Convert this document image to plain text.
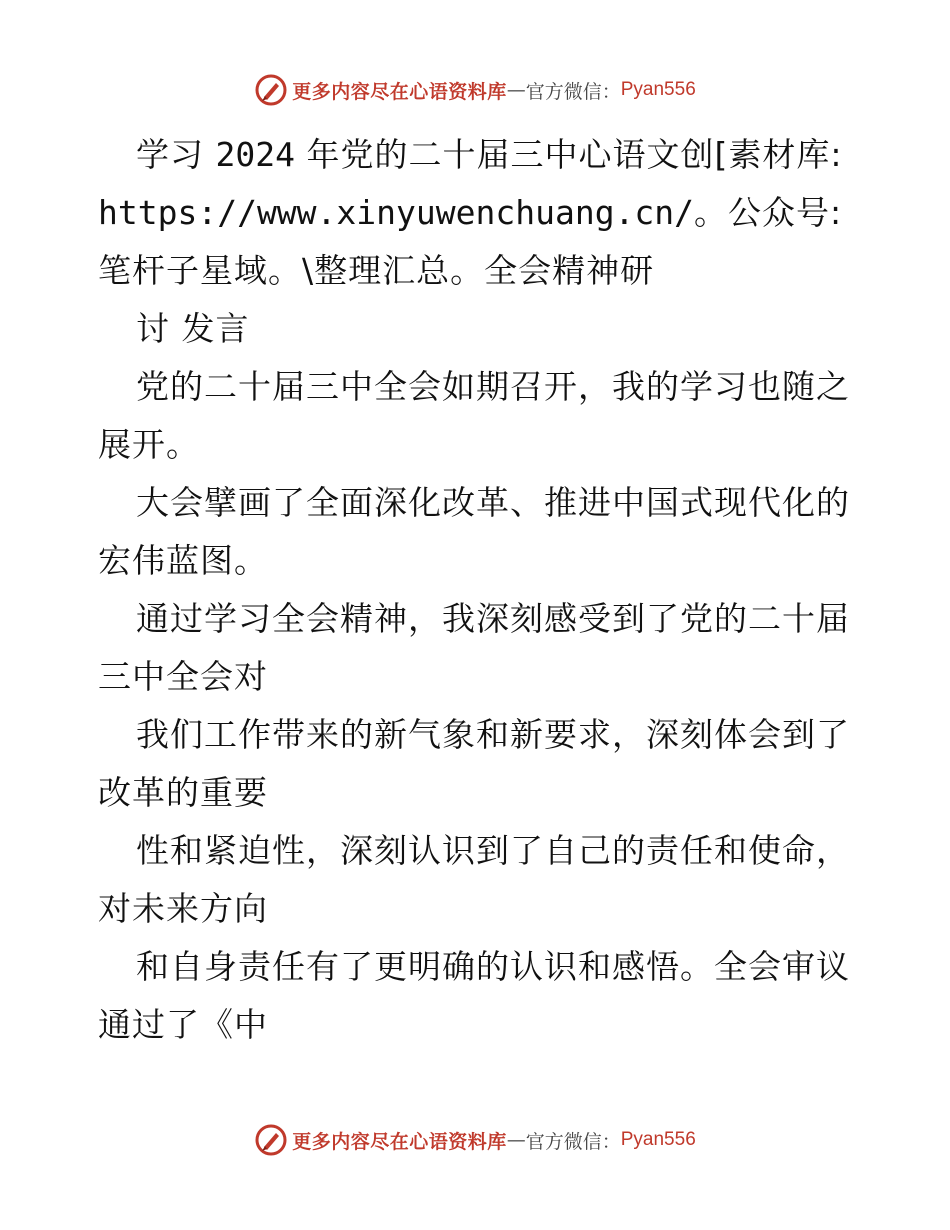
更多内容尽在心语资料库 — 官方微信： Pyan556

学习 2024 年党的二十届三中心语文创[素材库: https://www.xinyuwenchuang.cn/。公众号:笔杆子星域。\整理汇总。全会精神研

讨 发言

党的二十届三中全会如期召开，我的学习也随之展开。

大会擘画了全面深化改革、推进中国式现代化的宏伟蓝图。

通过学习全会精神，我深刻感受到了党的二十届三中全会对

我们工作带来的新气象和新要求，深刻体会到了改革的重要

性和紧迫性，深刻认识到了自己的责任和使命，对未来方向

和自身责任有了更明确的认识和感悟。全会审议通过了《中

更多内容尽在心语资料库 — 官方微信： Pyan556
